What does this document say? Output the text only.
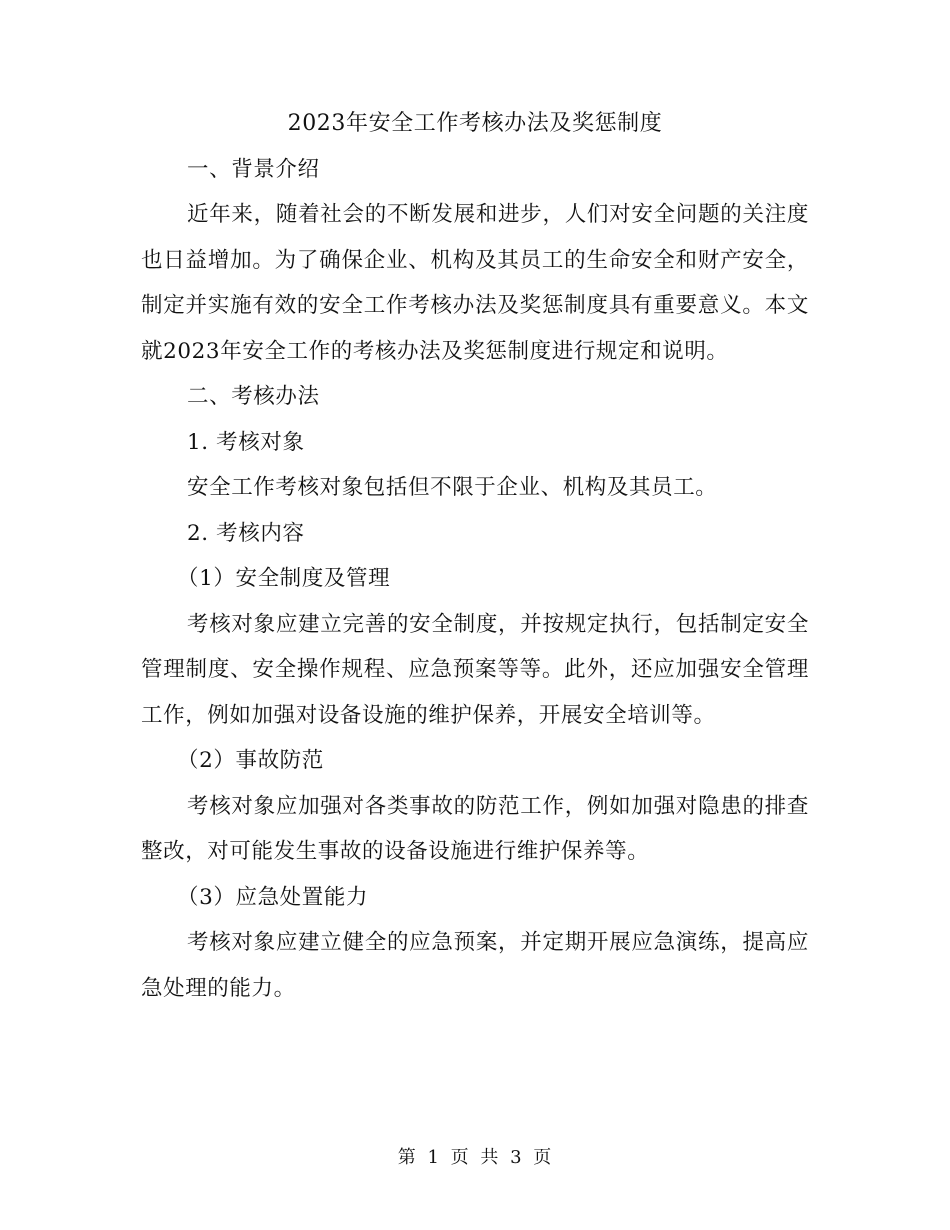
2023年安全工作考核办法及奖惩制度

一、背景介绍

近年来，随着社会的不断发展和进步，人们对安全问题的关注度也日益增加。为了确保企业、机构及其员工的生命安全和财产安全，制定并实施有效的安全工作考核办法及奖惩制度具有重要意义。本文就2023年安全工作的考核办法及奖惩制度进行规定和说明。

二、考核办法

1. 考核对象

安全工作考核对象包括但不限于企业、机构及其员工。

2. 考核内容

（1）安全制度及管理

考核对象应建立完善的安全制度，并按规定执行，包括制定安全管理制度、安全操作规程、应急预案等等。此外，还应加强安全管理工作，例如加强对设备设施的维护保养，开展安全培训等。

（2）事故防范

考核对象应加强对各类事故的防范工作，例如加强对隐患的排查整改，对可能发生事故的设备设施进行维护保养等。

（3）应急处置能力

考核对象应建立健全的应急预案，并定期开展应急演练，提高应急处理的能力。

第 1 页 共 3 页
